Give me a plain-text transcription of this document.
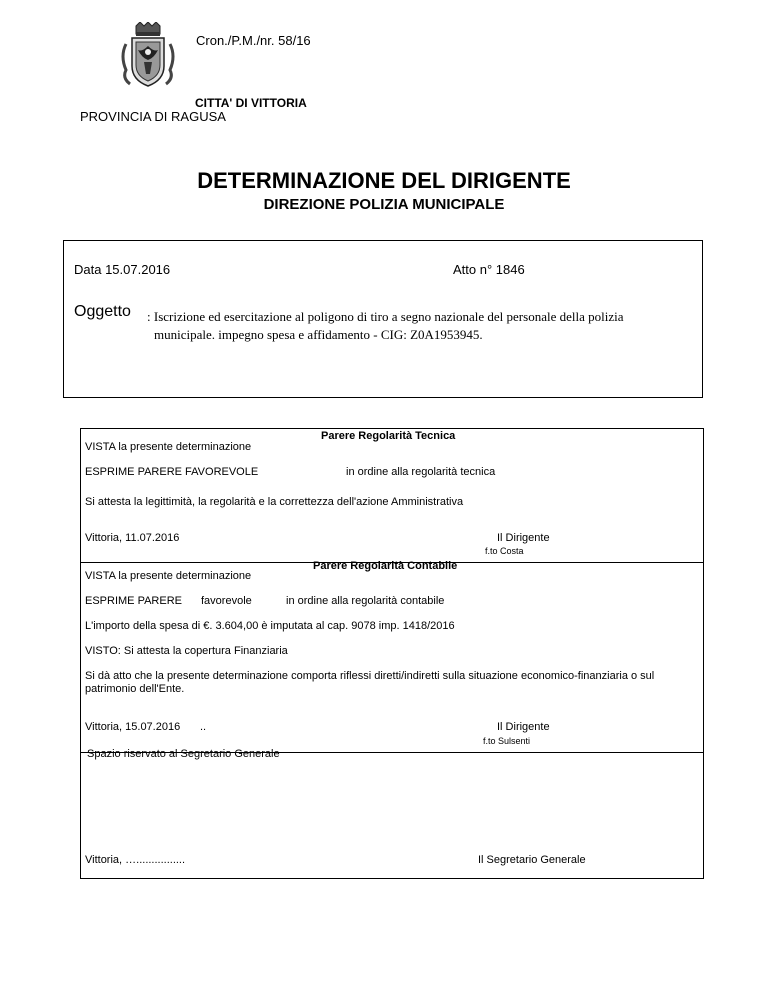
Cron./P.M./nr. 58/16
CITTA' DI VITTORIA
PROVINCIA DI RAGUSA
DETERMINAZIONE DEL DIRIGENTE
DIREZIONE POLIZIA MUNICIPALE
Data 15.07.2016	Atto n° 1846
Oggetto : Iscrizione ed esercitazione al poligono di tiro a segno nazionale del personale della polizia
municipale. impegno spesa e affidamento - CIG: Z0A1953945.
Parere Regolarità Tecnica
VISTA la presente determinazione
ESPRIME PARERE FAVOREVOLE	in ordine alla regolarità tecnica
Si attesta la legittimità, la regolarità e la correttezza dell'azione Amministrativa
Vittoria, 11.07.2016	Il Dirigente
f.to Costa
Parere Regolarità Contabile
VISTA la presente determinazione
ESPRIME PARERE favorevole	in ordine alla regolarità contabile
L'importo della spesa di €. 3.604,00 è imputata al cap. 9078 imp. 1418/2016
VISTO: Si attesta la copertura Finanziaria
Si dà atto che la presente determinazione comporta riflessi diretti/indiretti sulla situazione economico-finanziaria o sul
patrimonio dell'Ente.
Vittoria, 15.07.2016 ..	Il Dirigente
f.to Sulsenti
Spazio riservato al Segretario Generale
Vittoria, …................	Il Segretario Generale
